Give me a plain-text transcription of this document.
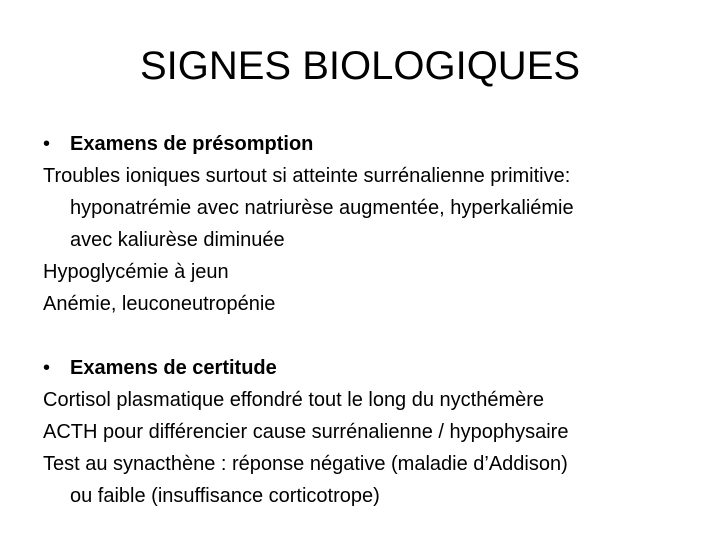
SIGNES BIOLOGIQUES
• Examens de présomption
Troubles ioniques surtout si atteinte surrénalienne primitive:
hyponatrémie avec natriurèse augmentée, hyperkaliémie
avec kaliurèse diminuée
Hypoglycémie à jeun
Anémie, leuconeutropénie
• Examens de certitude
Cortisol plasmatique effondré tout le long du nycthémère
ACTH pour différencier cause surrénalienne / hypophysaire
Test au synacthène : réponse négative (maladie d’Addison)
ou faible (insuffisance corticotrope)
